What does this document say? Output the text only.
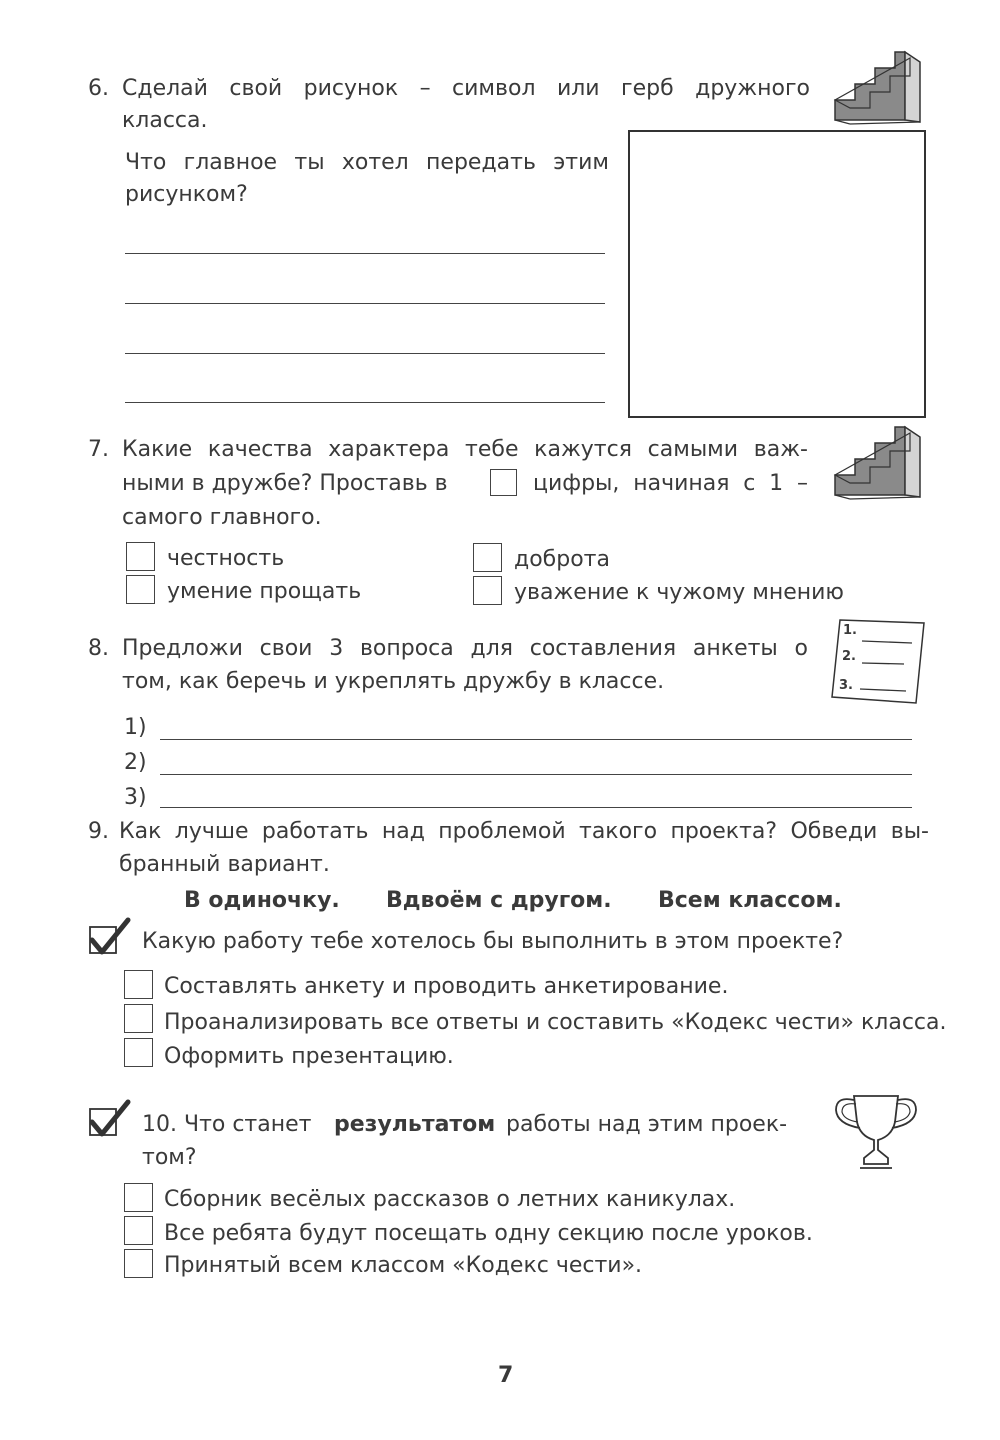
6. Сделай свой рисунок – символ или герб дружного
класса.
Что главное ты хотел передать этим
рисунком?
7. Какие качества характера тебе кажутся самыми важ-
ными в дружбе? Проставь в	цифры, начиная с 1 –
самого главного.
честность
умение прощать
доброта
уважение к чужому мнению
8. Предложи свои 3 вопроса для составления анкеты о
том, как беречь и укреплять дружбу в классе.
1.
2.
3.
1)
2)
3)
9. Как лучше работать над проблемой такого проекта? Обведи вы-
бранный вариант.
В одиночку. Вдвоём с другом. Всем классом.
Какую работу тебе хотелось бы выполнить в этом проекте?
Составлять анкету и проводить анкетирование.
Проанализировать все ответы и составить «Кодекс чести» класса.
Оформить презентацию.
10. Что станет результатом работы над этим проек-
том?
Сборник весёлых рассказов о летних каникулах.
Все ребята будут посещать одну секцию после уроков.
Принятый всем классом «Кодекс чести».
7
